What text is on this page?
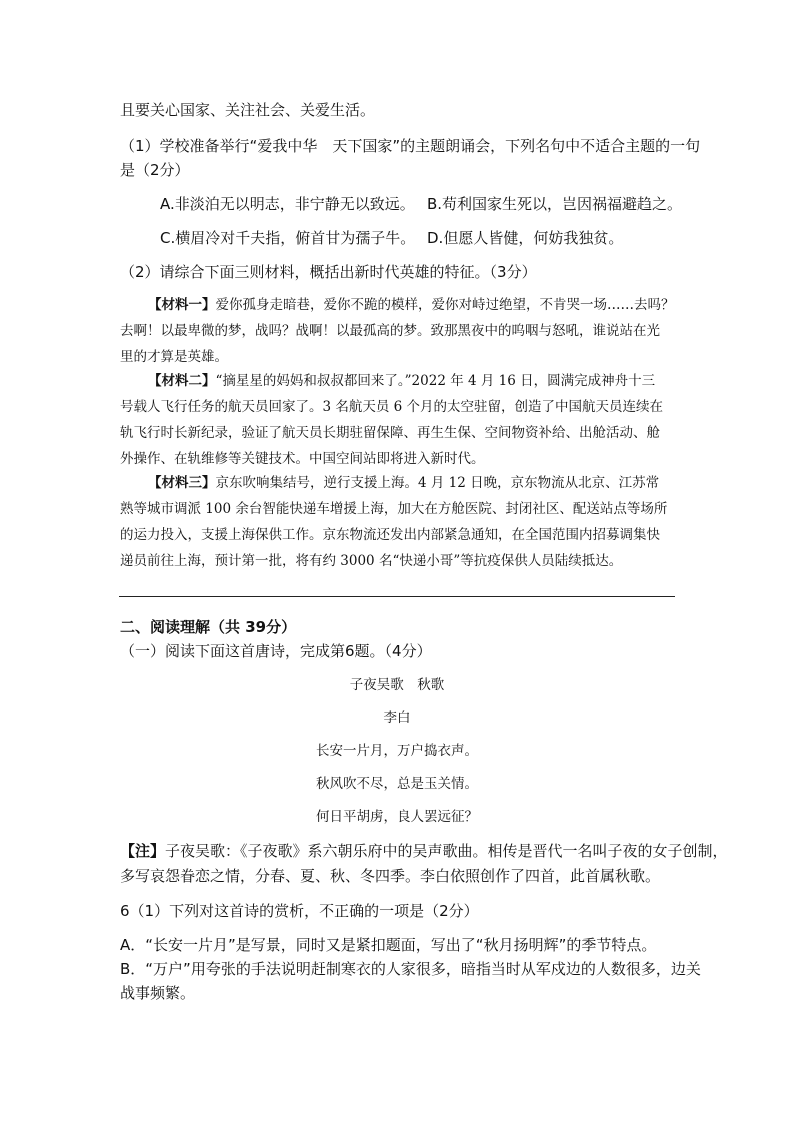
且要关心国家、关注社会、关爱生活。
（1）学校准备举行“爱我中华　天下国家”的主题朗诵会，下列名句中不适合主题的一句
是（2分）
A.非淡泊无以明志，非宁静无以致远。 B.苟利国家生死以，岂因祸福避趋之。
C.横眉冷对千夫指，俯首甘为孺子牛。 D.但愿人皆健，何妨我独贫。
（2）请综合下面三则材料，概括出新时代英雄的特征。（3分）
【材料一】爱你孤身走暗巷，爱你不跪的模样，爱你对峙过绝望，不肯哭一场……去吗？
去啊！以最卑微的梦，战吗？战啊！以最孤高的梦。致那黑夜中的呜咽与怒吼，谁说站在光
里的才算是英雄。
【材料二】“摘星星的妈妈和叔叔都回来了。”2022 年 4 月 16 日，圆满完成神舟十三
号载人飞行任务的航天员回家了。3 名航天员 6 个月的太空驻留，创造了中国航天员连续在
轨飞行时长新纪录，验证了航天员长期驻留保障、再生生保、空间物资补给、出舱活动、舱
外操作、在轨维修等关键技术。中国空间站即将进入新时代。
【材料三】京东吹响集结号，逆行支援上海。4 月 12 日晚，京东物流从北京、江苏常
熟等城市调派 100 余台智能快递车增援上海，加大在方舱医院、封闭社区、配送站点等场所
的运力投入，支援上海保供工作。京东物流还发出内部紧急通知，在全国范围内招募调集快
递员前往上海，预计第一批，将有约 3000 名“快递小哥”等抗疫保供人员陆续抵达。
二、阅读理解（共 39分）
（一）阅读下面这首唐诗，完成第6题。（4分）
子夜吴歌　秋歌
李白
长安一片月，万户捣衣声。
秋风吹不尽，总是玉关情。
何日平胡虏，良人罢远征？
【注】子夜吴歌：《子夜歌》系六朝乐府中的吴声歌曲。相传是晋代一名叫子夜的女子创制，
多写哀怨眷恋之情，分春、夏、秋、冬四季。李白依照创作了四首，此首属秋歌。
6（1）下列对这首诗的赏析，不正确的一项是（2分）
A．“长安一片月”是写景，同时又是紧扣题面，写出了“秋月扬明辉”的季节特点。
B．“万户”用夸张的手法说明赶制寒衣的人家很多，暗指当时从军戍边的人数很多，边关
战事频繁。
